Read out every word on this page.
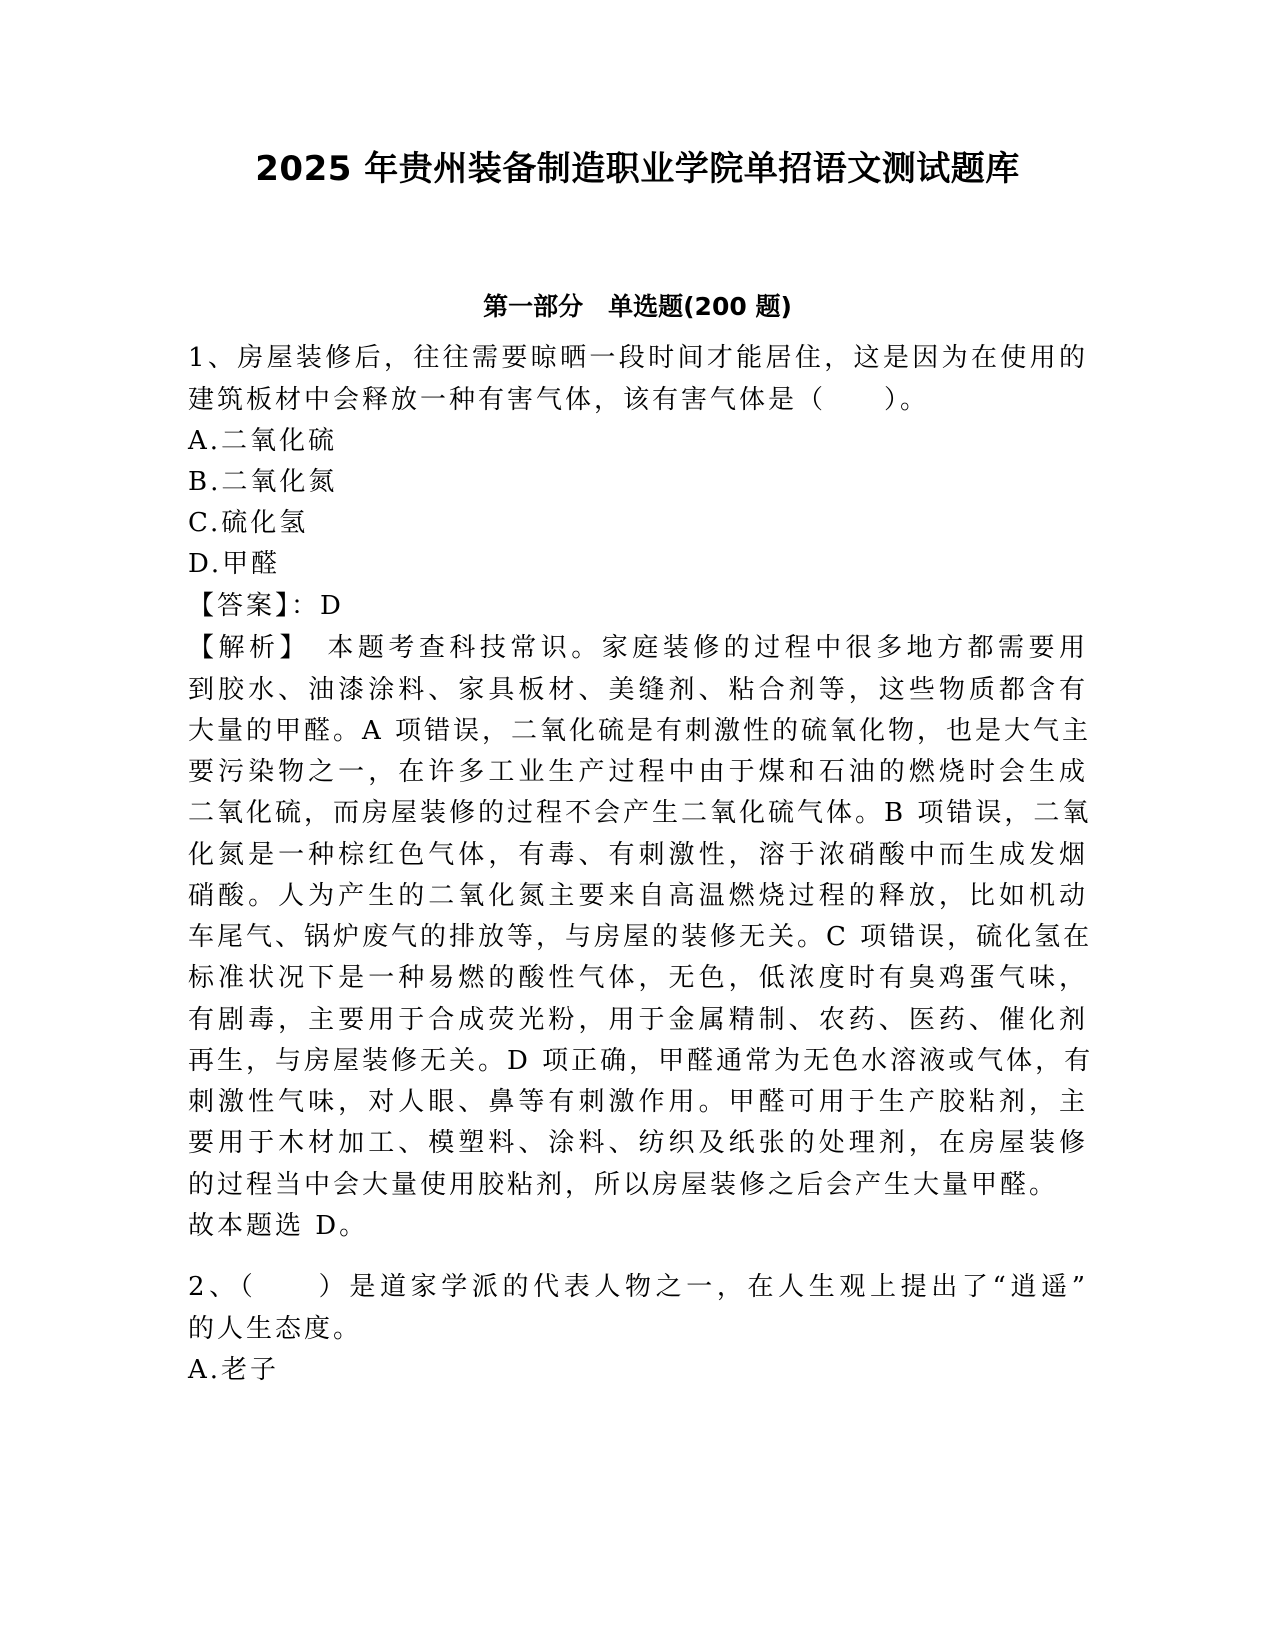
2025 年贵州装备制造职业学院单招语文测试题库
第一部分　单选题(200 题)
1、房屋装修后，往往需要晾晒一段时间才能居住，这是因为在使用的
建筑板材中会释放一种有害气体，该有害气体是（　　）。
A.二氧化硫
B.二氧化氮
C.硫化氢
D.甲醛
【答案】：D
【解析】　本题考查科技常识。家庭装修的过程中很多地方都需要用
到胶水、油漆涂料、家具板材、美缝剂、粘合剂等，这些物质都含有
大量的甲醛。A 项错误，二氧化硫是有刺激性的硫氧化物，也是大气主
要污染物之一，在许多工业生产过程中由于煤和石油的燃烧时会生成
二氧化硫，而房屋装修的过程不会产生二氧化硫气体。B 项错误，二氧
化氮是一种棕红色气体，有毒、有刺激性，溶于浓硝酸中而生成发烟
硝酸。人为产生的二氧化氮主要来自高温燃烧过程的释放，比如机动
车尾气、锅炉废气的排放等，与房屋的装修无关。C 项错误，硫化氢在
标准状况下是一种易燃的酸性气体，无色，低浓度时有臭鸡蛋气味，
有剧毒，主要用于合成荧光粉，用于金属精制、农药、医药、催化剂
再生，与房屋装修无关。D 项正确，甲醛通常为无色水溶液或气体，有
刺激性气味，对人眼、鼻等有刺激作用。甲醛可用于生产胶粘剂，主
要用于木材加工、模塑料、涂料、纺织及纸张的处理剂，在房屋装修
的过程当中会大量使用胶粘剂，所以房屋装修之后会产生大量甲醛。
故本题选 D。
2、（　　）是道家学派的代表人物之一，在人生观上提出了“逍遥”
的人生态度。
A.老子
